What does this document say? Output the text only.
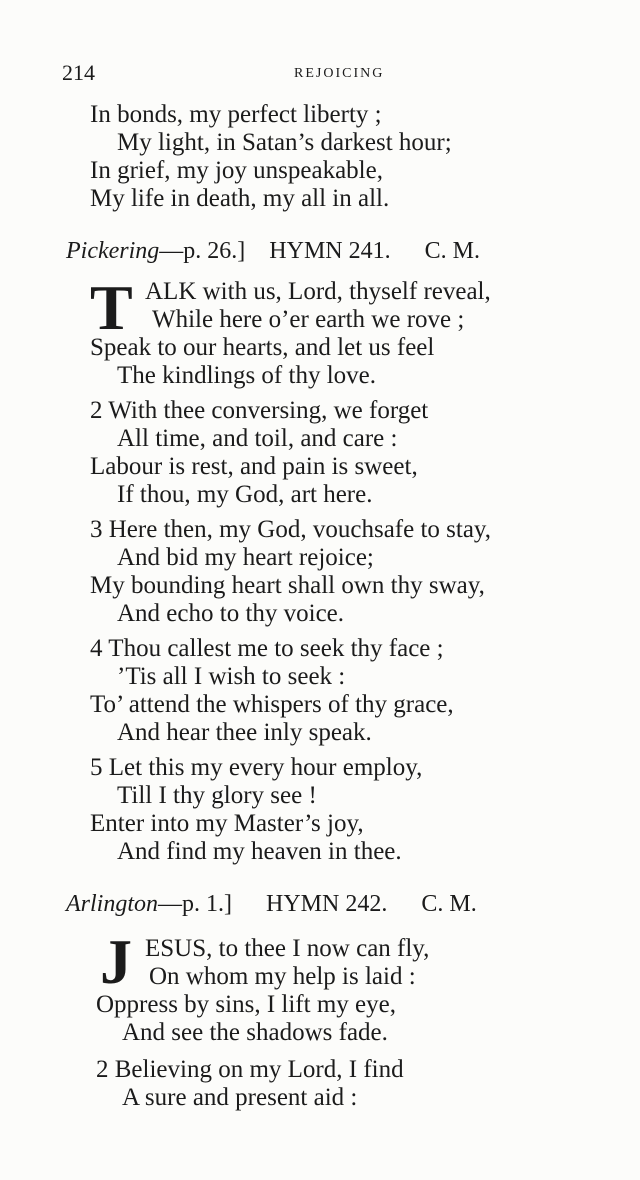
214	REJOICING
In bonds, my perfect liberty ;
My light, in Satan’s darkest hour;
In grief, my joy unspeakable,
My life in death, my all in all.
Pickering—p. 26.] HYMN 241. C. M.
T ALK with us, Lord, thyself reveal,
While here o’er earth we rove ;
Speak to our hearts, and let us feel
The kindlings of thy love.
2 With thee conversing, we forget
All time, and toil, and care :
Labour is rest, and pain is sweet,
If thou, my God, art here.
3 Here then, my God, vouchsafe to stay,
And bid my heart rejoice;
My bounding heart shall own thy sway,
And echo to thy voice.
4 Thou callest me to seek thy face ;
’Tis all I wish to seek :
To’ attend the whispers of thy grace,
And hear thee inly speak.
5 Let this my every hour employ,
Till I thy glory see !
Enter into my Master’s joy,
And find my heaven in thee.
Arlington—p. 1.] HYMN 242. C. M.
J ESUS, to thee I now can fly,
On whom my help is laid :
Oppress by sins, I lift my eye,
And see the shadows fade.
2 Believing on my Lord, I find
A sure and present aid :
